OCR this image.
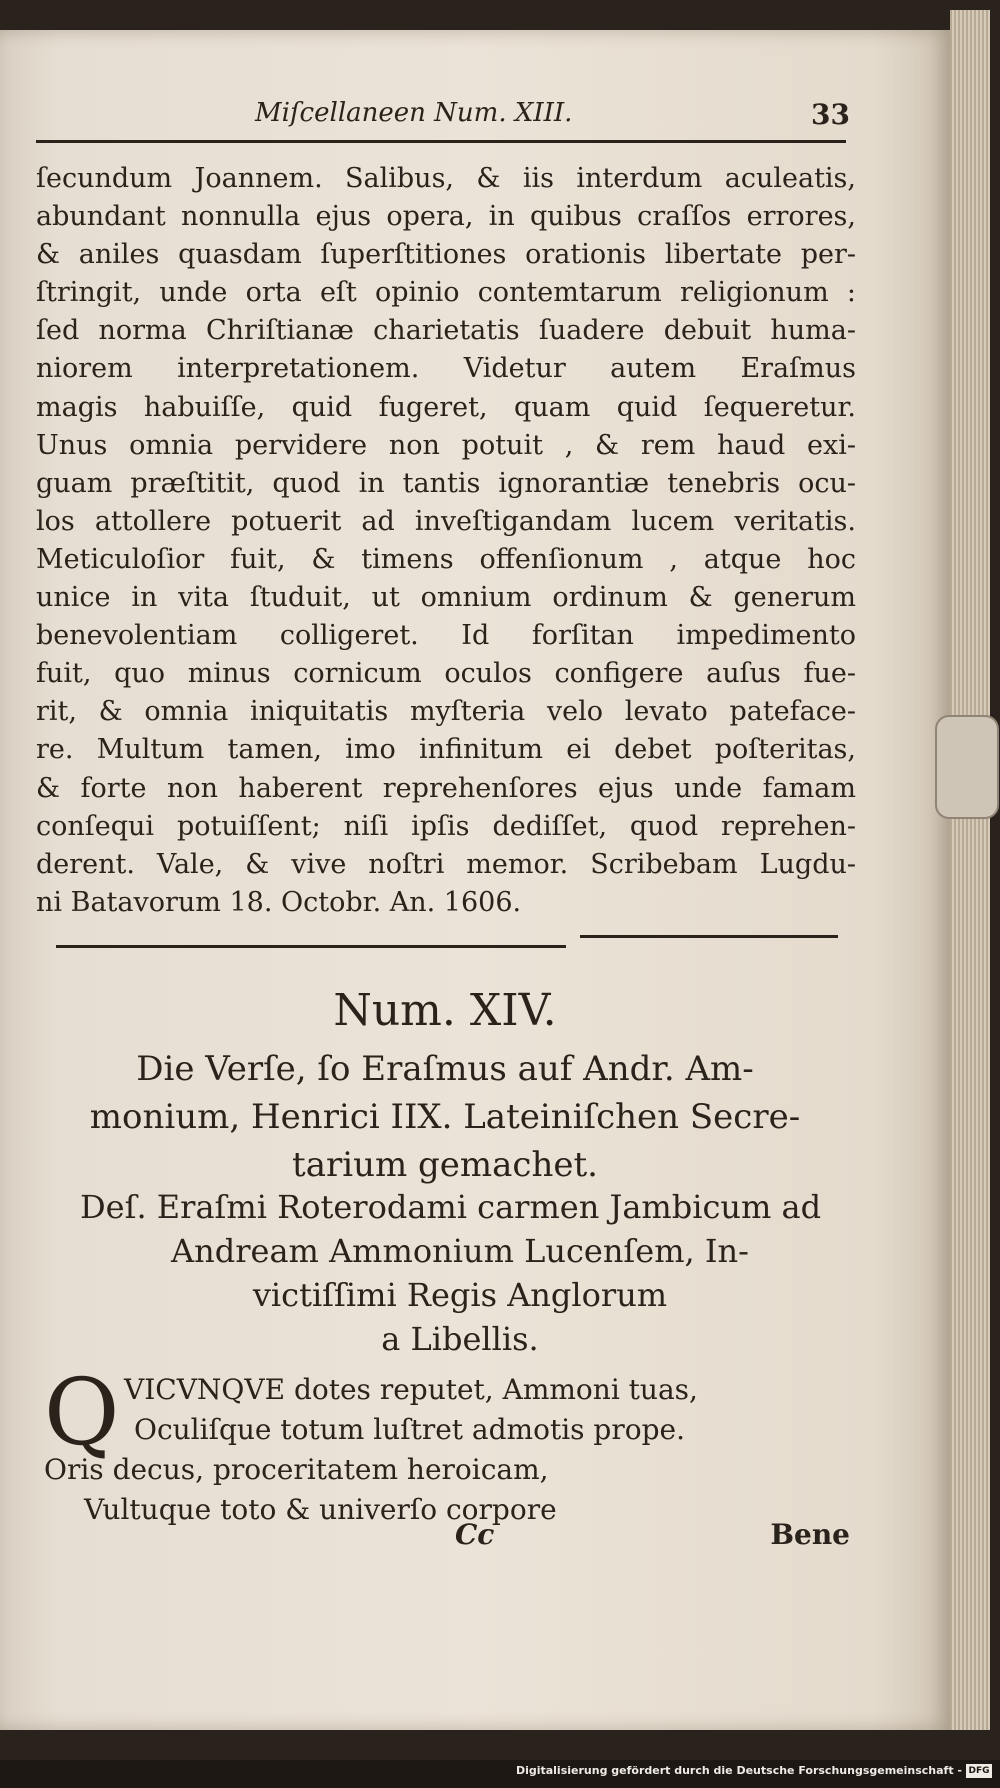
Miſcellaneen Num. XIII.	33
ſecundum Joannem. Salibus, & iis interdum aculeatis,
abundant nonnulla ejus opera, in quibus craſſos errores,
& aniles quasdam ſuperſtitiones orationis libertate per-
ſtringit, unde orta eſt opinio contemtarum religionum :
ſed norma Chriſtianæ charietatis ſuadere debuit huma-
niorem interpretationem. Videtur autem Eraſmus
magis habuiſſe, quid fugeret, quam quid ſequeretur.
Unus omnia pervidere non potuit , & rem haud exi-
guam præſtitit, quod in tantis ignorantiæ tenebris ocu-
los attollere potuerit ad inveſtigandam lucem veritatis.
Meticuloſior fuit, & timens offenſionum , atque hoc
unice in vita ſtuduit, ut omnium ordinum & generum
benevolentiam colligeret. Id forſitan impedimento
fuit, quo minus cornicum oculos configere auſus fue-
rit, & omnia iniquitatis myſteria velo levato pateface-
re. Multum tamen, imo infinitum ei debet poſteritas,
& forte non haberent reprehenſores ejus unde famam
conſequi potuiſſent; niſi ipſis dediſſet, quod reprehen-
derent. Vale, & vive noſtri memor. Scribebam Lugdu-
ni Batavorum 18. Octobr. An. 1606.
Num. XIV.
Die Verſe, ſo Eraſmus auf Andr. Am-
monium, Henrici IIX. Lateiniſchen Secre-
tarium gemachet.
Deſ. Eraſmi Roterodami carmen Jambicum ad
Andream Ammonium Lucenſem, In-
victiſſimi Regis Anglorum
a Libellis.
Q VICVNQVE dotes reputet, Ammoni tuas,
Oculiſque totum luſtret admotis prope.
Oris decus, proceritatem heroicam,
Vultuque toto & univerſo corpore
Cc	Bene
Digitalisierung gefördert durch die Deutsche Forschungsgemeinschaft - DFG
